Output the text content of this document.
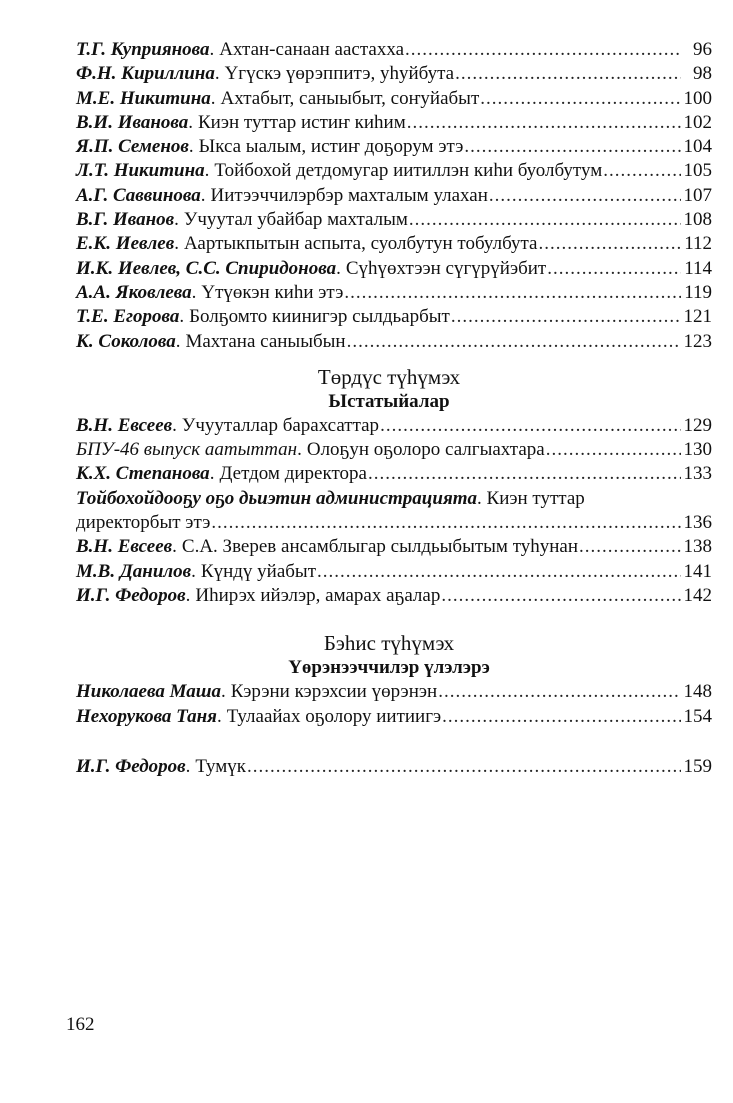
Т.Г. Куприянова . Ахтан-санаан аастахха .....	96
Ф.Н. Кириллина . Үгүскэ үөрэппитэ, уһуйбута .....	98
М.Е. Никитина . Ахтабыт, саныыбыт, соҥуйабыт .....	100
В.И. Иванова . Киэн туттар истиҥ киһим .....	102
Я.П. Семенов . Ыкса ыалым, истиҥ доҕорум этэ .....	104
Л.Т. Никитина . Тойбохой детдомугар иитиллэн киһи буолбутум .....	105
А.Г. Саввинова . Иитээччилэрбэр махталым улахан .....	107
В.Г. Иванов . Учуутал убайбар махталым .....	108
Е.К. Иевлев . Аартыкпытын аспыта, суолбутун тобулбута .....	112
И.К. Иевлев, С.С. Спиридонова . Сүһүөхтээн сүгүрүйэбит .....	114
А.А. Яковлева . Үтүөкэн киһи этэ .....	119
Т.Е. Егорова . Болҕомто киинигэр сылдьарбыт .....	121
К. Соколова . Махтана саныыбын .....	123
Төрдүс түһүмэх
Ыстатыйалар
В.Н. Евсеев . Учууталлар барахсаттар .....	129
БПУ-46 выпуск аатыттан . Олоҕун оҕолоро салгыахтара .....	130
К.Х. Степанова . Детдом директора .....	133
Тойбохойдооҕу оҕо дьиэтин администрацията. Киэн туттар
директорбыт этэ .....	136
В.Н. Евсеев . С.А. Зверев ансамблыгар сылдьыбытым туһунан .....	138
М.В. Данилов . Күндү уйабыт .....	141
И.Г. Федоров . Иһирэх ийэлэр, амарах аҕалар .....	142
Бэһис түһүмэх
Үөрэнээччилэр үлэлэрэ
Николаева Маша . Кэрэни кэрэхсии үөрэнэн .....	148
Нехорукова Таня . Тулаайах оҕолору иитиигэ .....	154
И.Г. Федоров . Тумүк .....	159
162
